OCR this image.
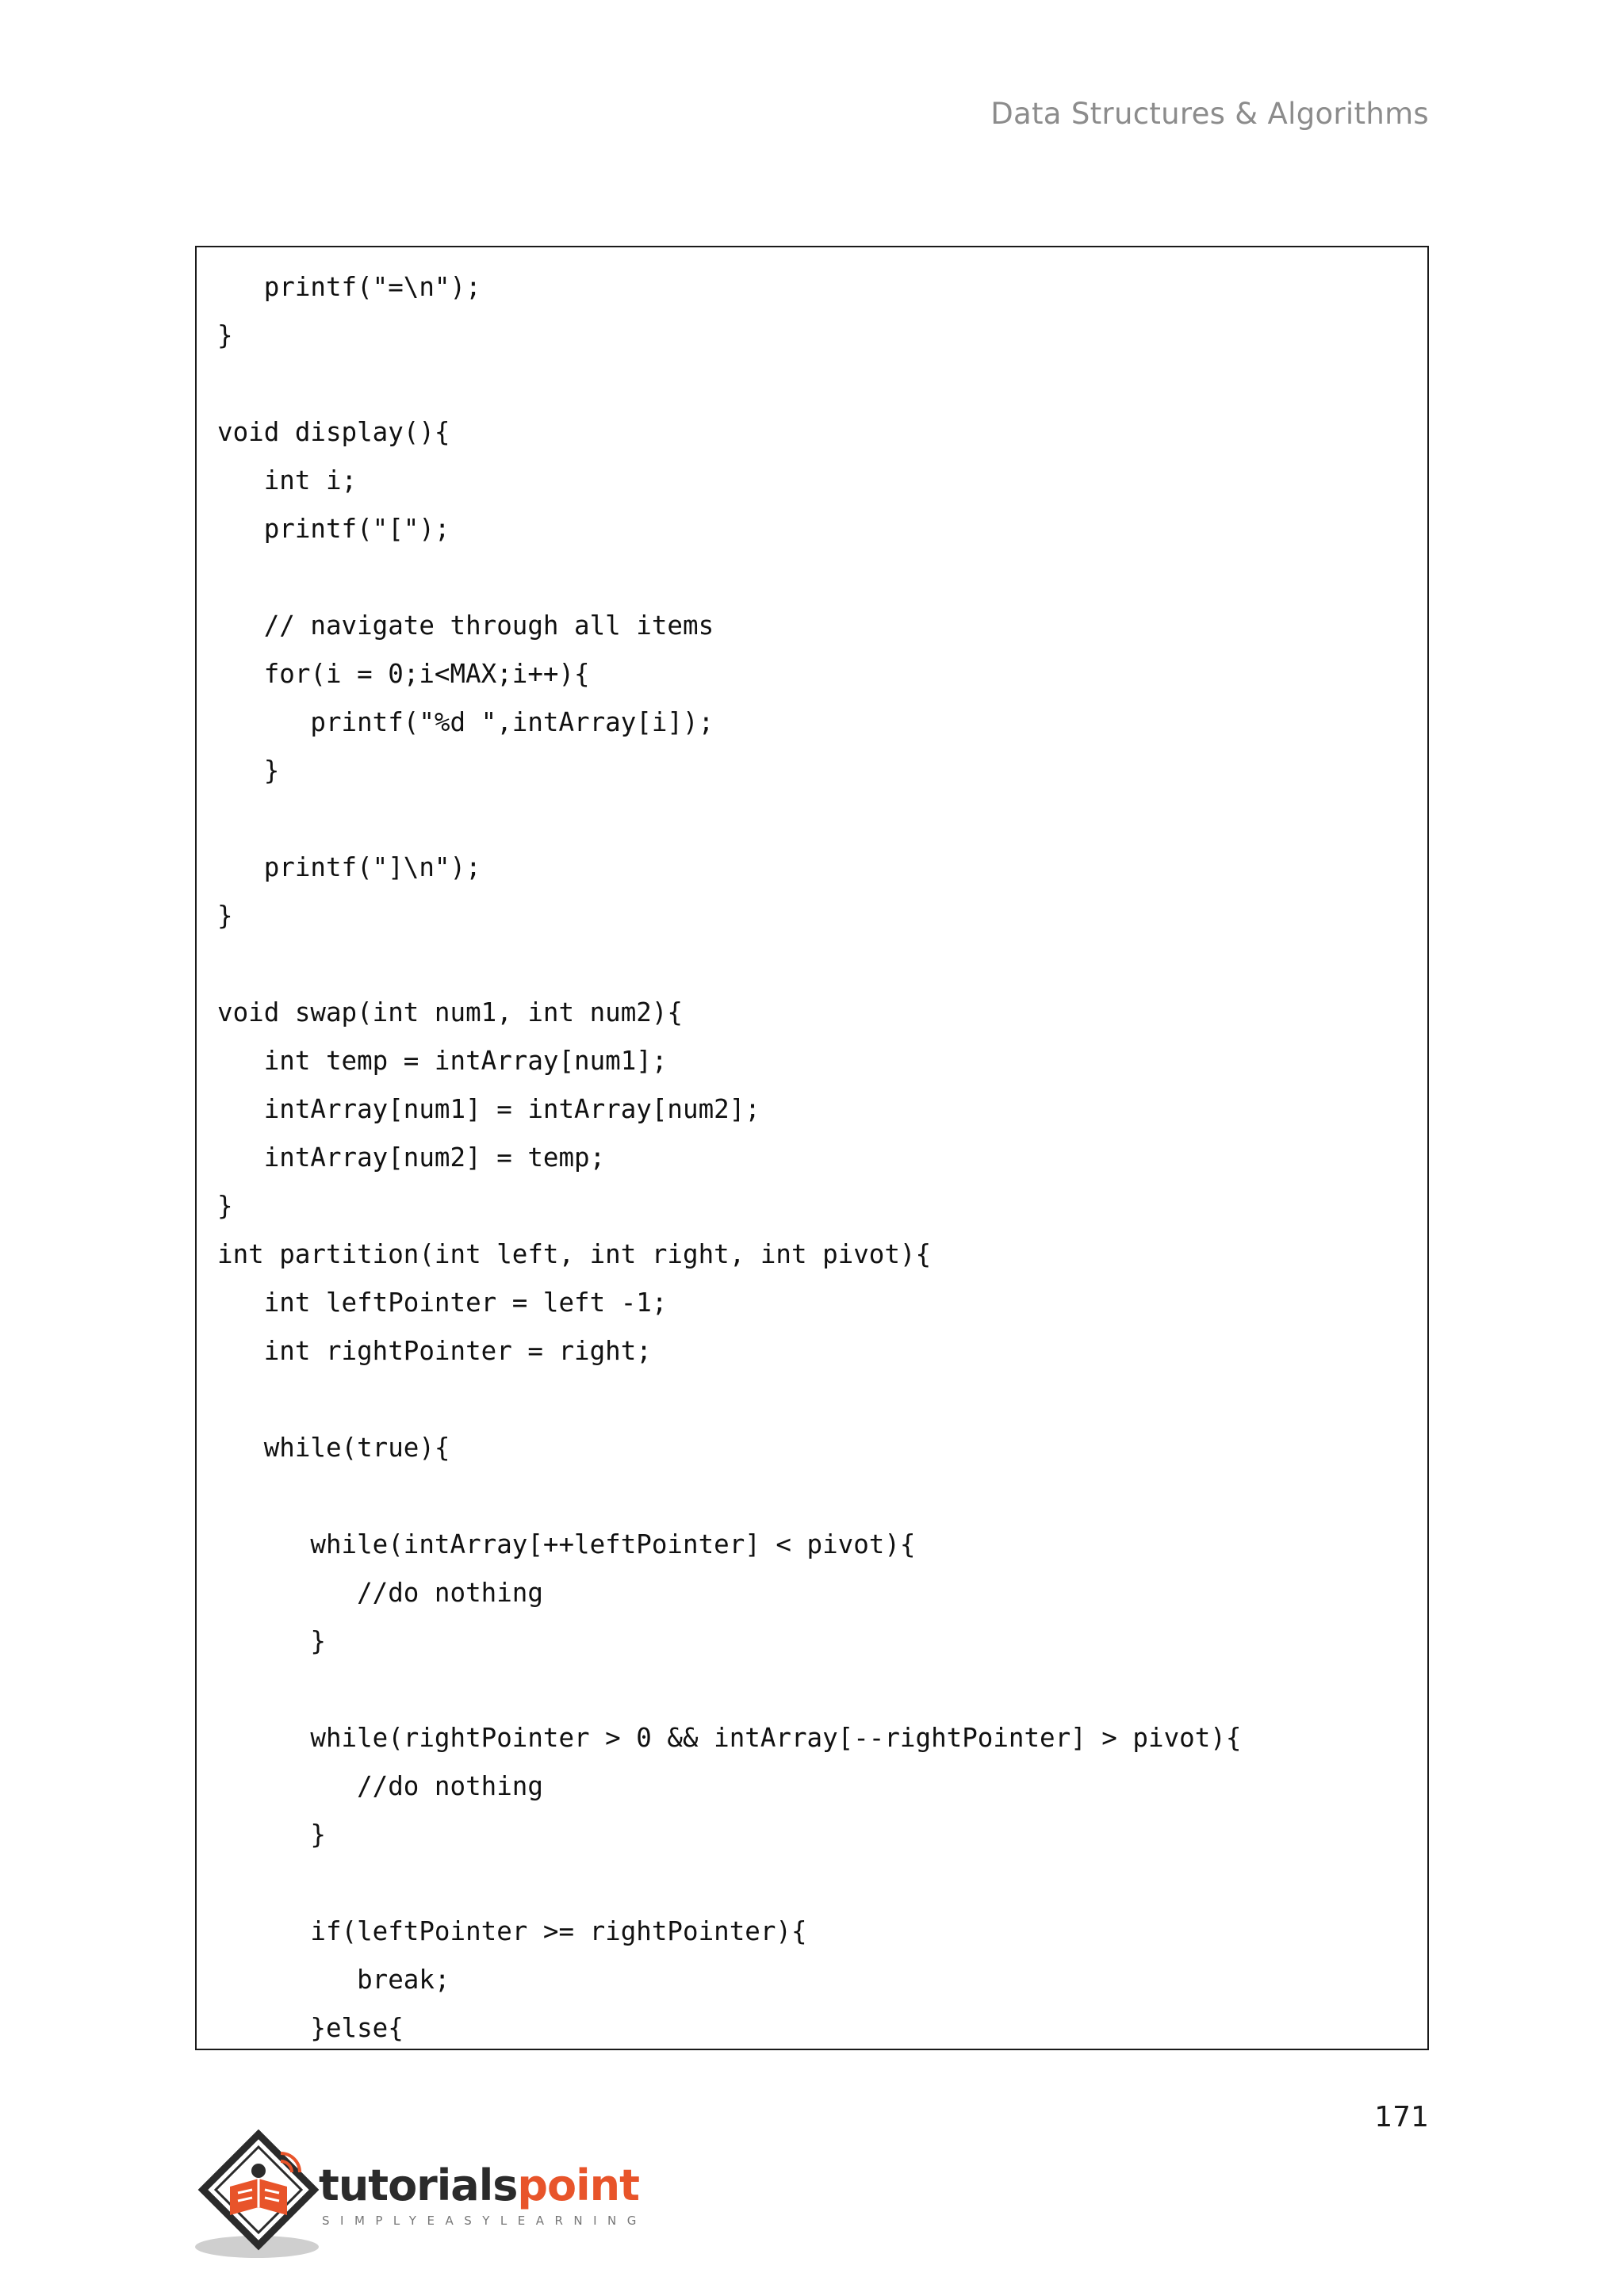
Data Structures & Algorithms
printf("=\n");
}
void display(){
int i;
printf("[");
// navigate through all items
for(i = 0;i<MAX;i++){
printf("%d ",intArray[i]);
}
printf("]\n");
}
void swap(int num1, int num2){
int temp = intArray[num1];
intArray[num1] = intArray[num2];
intArray[num2] = temp;
}
int partition(int left, int right, int pivot){
int leftPointer = left -1;
int rightPointer = right;
while(true){
while(intArray[++leftPointer] < pivot){
//do nothing
}
while(rightPointer > 0 && intArray[--rightPointer] > pivot){
//do nothing
}
if(leftPointer >= rightPointer){
break;
}else{
171
tutorialspoint
SIMPLYEASYLEARNING
